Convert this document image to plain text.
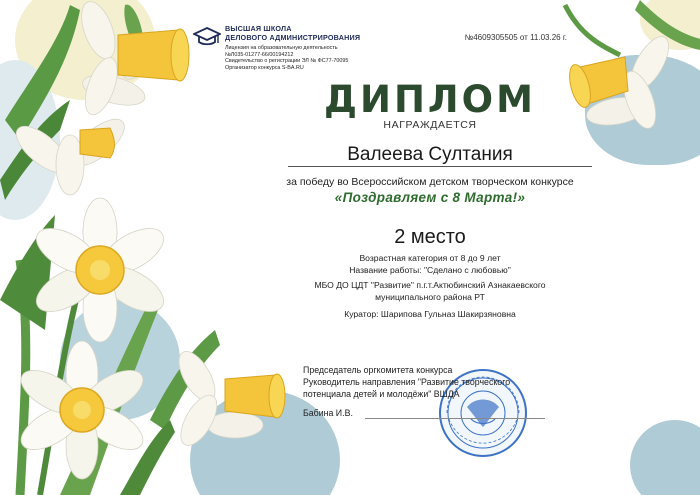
ВЫСШАЯ ШКОЛА
ДЕЛОВОГО АДМИНИСТРИРОВАНИЯ
Лицензия на образовательную деятельность
№Л035-01277-66/00194212
Свидетельство о регистрации ЭЛ № ФС77-70095
Организатор конкурса S-BA.RU
№4609305505 от 11.03.26 г.
ДИПЛОМ
НАГРАЖДАЕТСЯ
Валеева Султания
за победу во Всероссийском детском творческом конкурсе
«Поздравляем с 8 Марта!»
2 место
Возрастная категория от 8 до 9 лет
Название работы: "Сделано с любовью"
МБО ДО ЦДТ "Развитие" п.г.т.Актюбинский Азнакаевского
муниципального района РТ
Куратор: Шарипова Гульназ Шакирзяновна
Председатель оргкомитета конкурса
Руководитель направления "Развитие творческого
потенциала детей и молодёжи" ВШДА
Бабина И.В.
